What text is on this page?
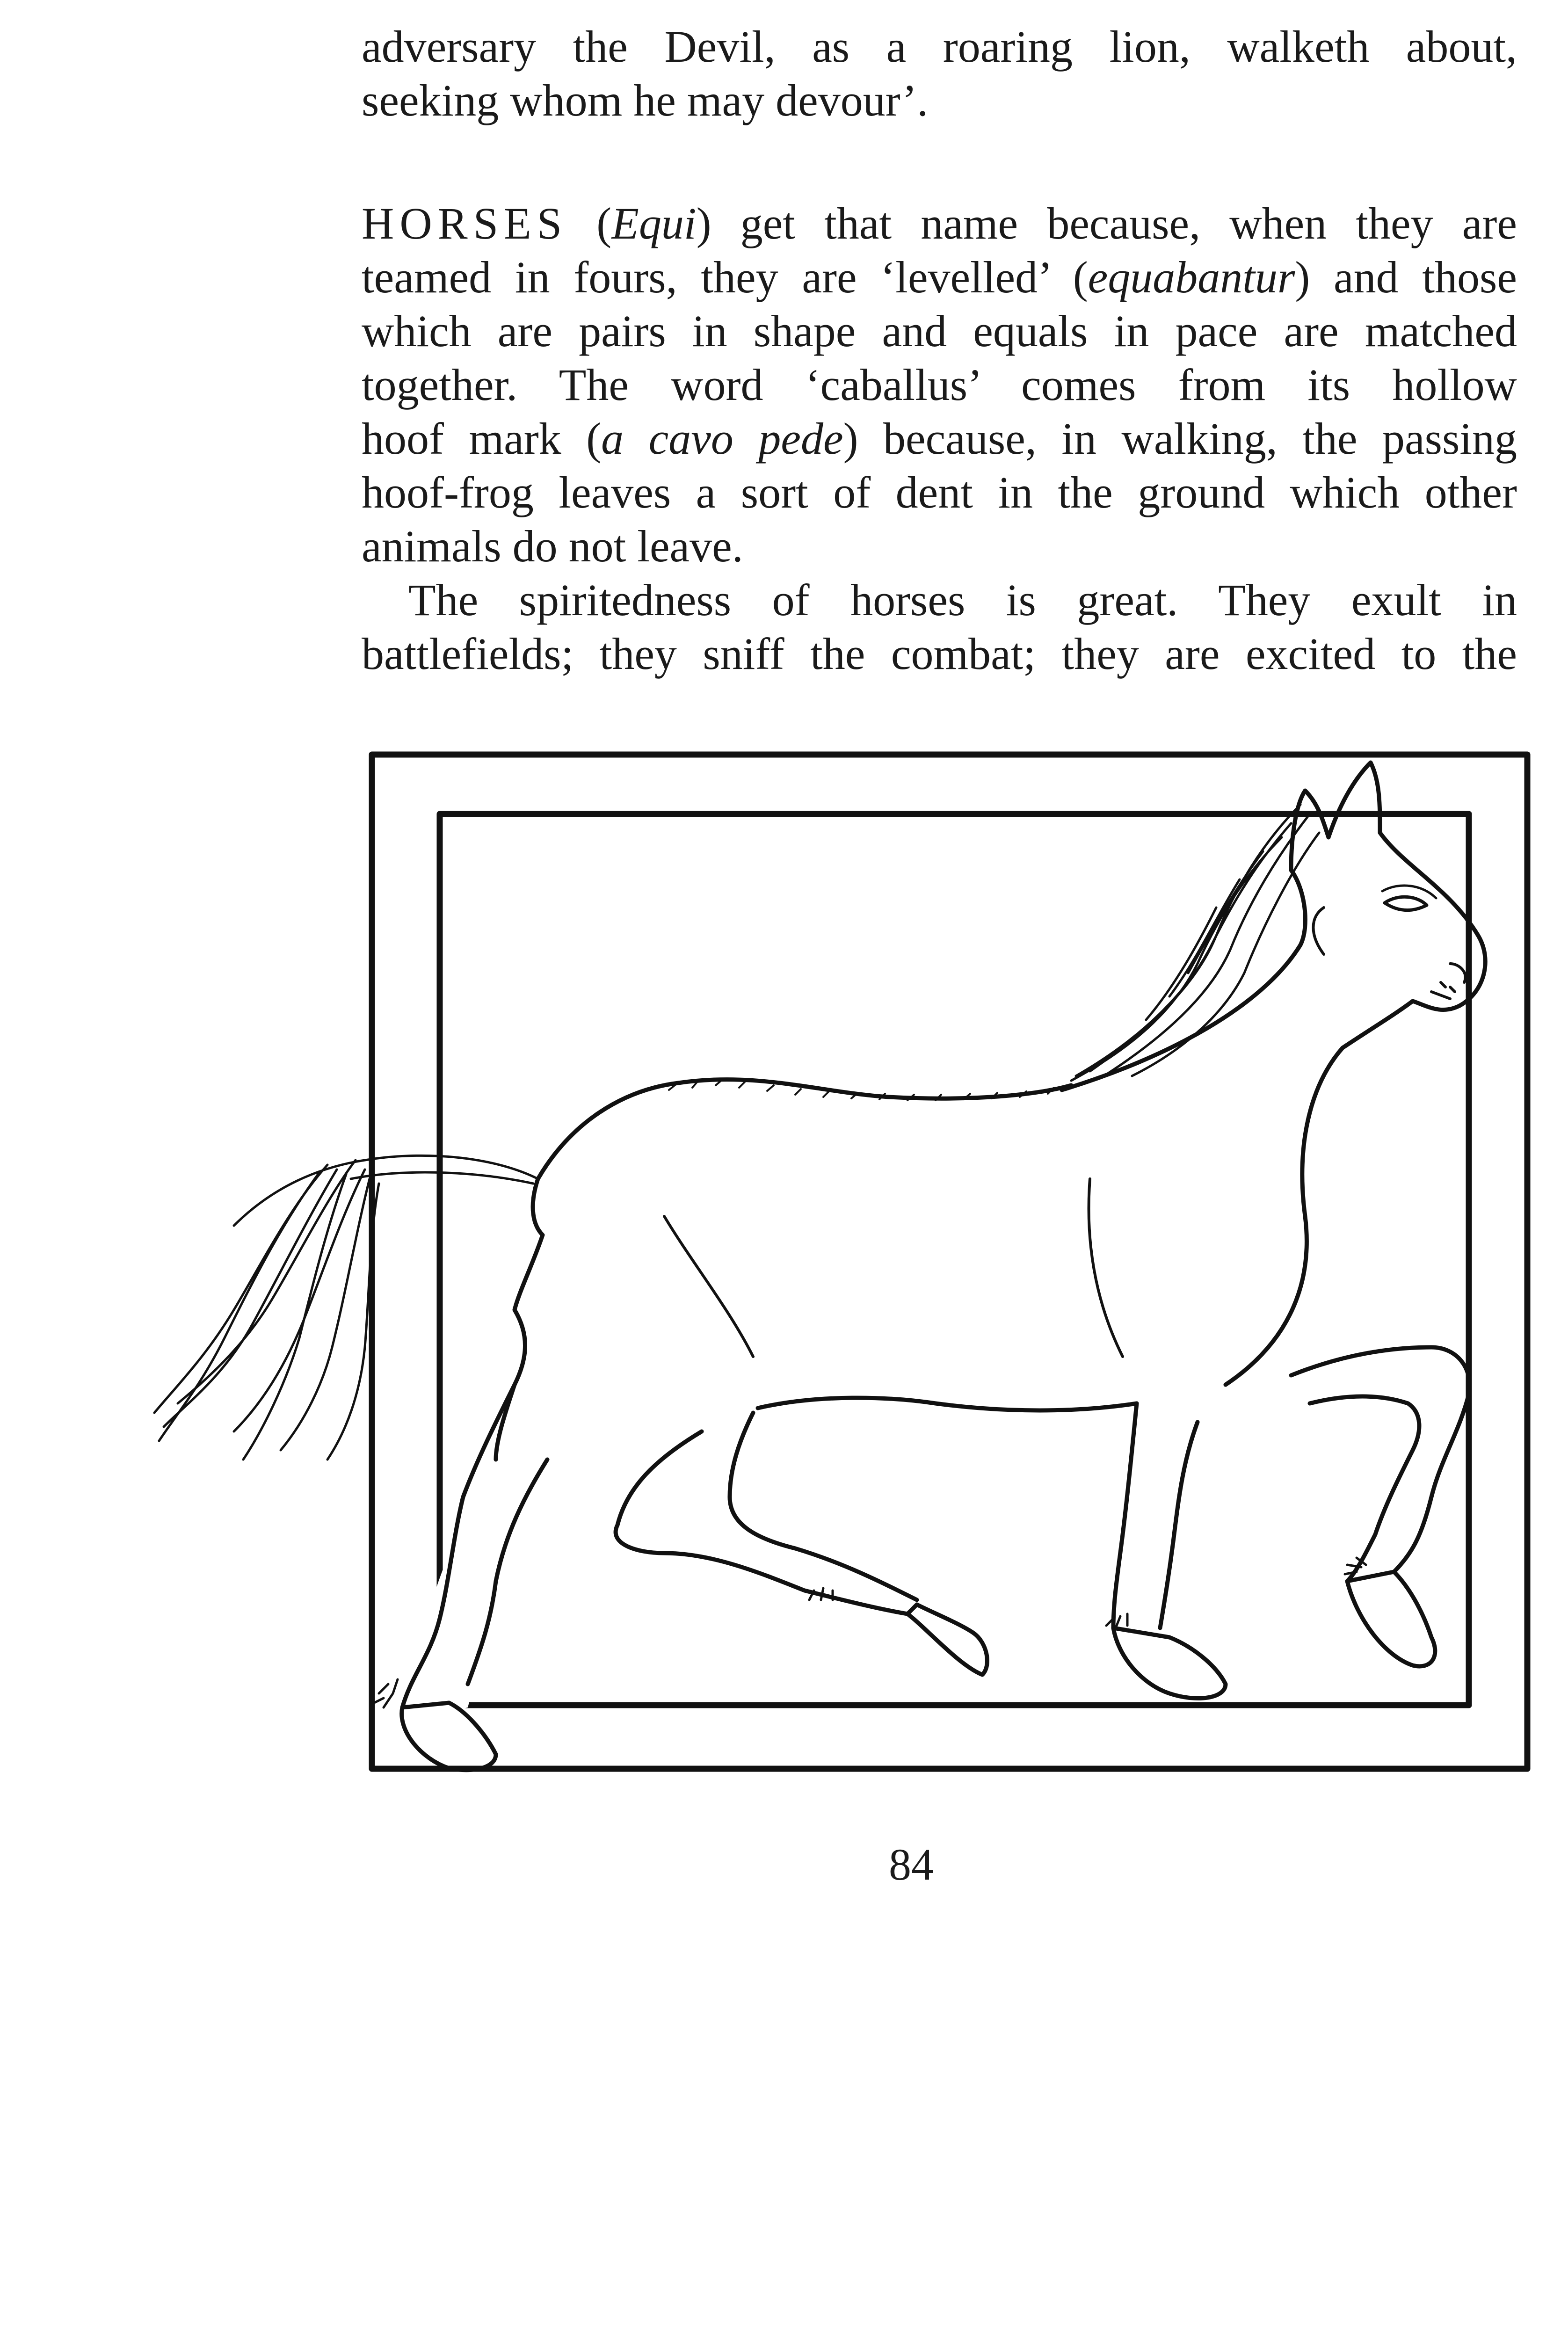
adversary the Devil, as a roaring lion, walketh about,
seeking whom he may devour’.

HORSES (Equi) get that name because, when they are
teamed in fours, they are ‘levelled’ (equabantur) and those
which are pairs in shape and equals in pace are matched
together. The word ‘caballus’ comes from its hollow
hoof mark (a cavo pede) because, in walking, the passing
hoof-frog leaves a sort of dent in the ground which other
animals do not leave.

The spiritedness of horses is great. They exult in
battlefields; they sniff the combat; they are excited to the

84
